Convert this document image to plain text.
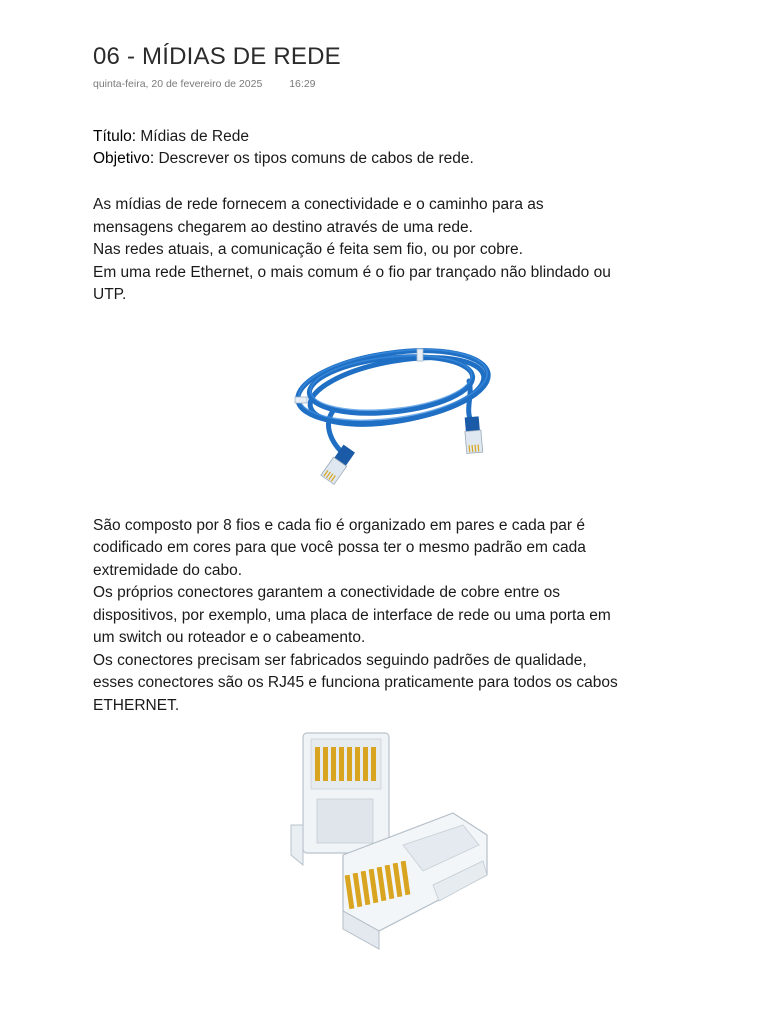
06 - MÍDIAS DE REDE
quinta-feira, 20 de fevereiro de 2025	16:29
Título: Mídias de Rede
Objetivo: Descrever os tipos comuns de cabos de rede.

As mídias de rede fornecem a conectividade e o caminho para as

mensagens chegarem ao destino através de uma rede.

Nas redes atuais, a comunicação é feita sem fio, ou por cobre.

Em uma rede Ethernet, o mais comum é o fio par trançado não blindado ou

UTP.

São composto por 8 fios e cada fio é organizado em pares e cada par é

codificado em cores para que você possa ter o mesmo padrão em cada

extremidade do cabo.

Os próprios conectores garantem a conectividade de cobre entre os

dispositivos, por exemplo, uma placa de interface de rede ou uma porta em

um switch ou roteador e o cabeamento.

Os conectores precisam ser fabricados seguindo padrões de qualidade,

esses conectores são os RJ45 e funciona praticamente para todos os cabos

ETHERNET.
